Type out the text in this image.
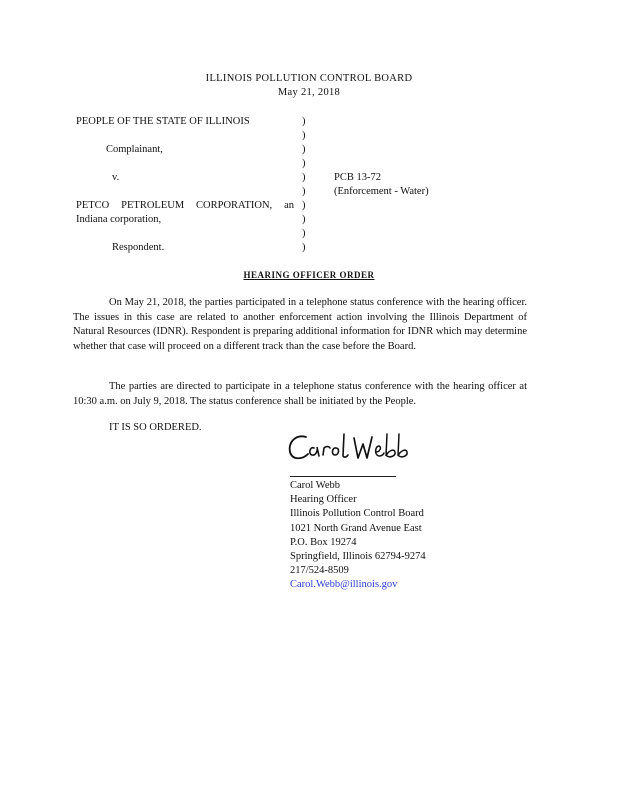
ILLINOIS POLLUTION CONTROL BOARD
May 21, 2018
PEOPLE OF THE STATE OF ILLINOIS
Complainant,
v.
PETCO PETROLEUM CORPORATION, an
Indiana corporation,
Respondent.
)
)
)
)
)
)
)
)
)
)
PCB 13-72
(Enforcement - Water)
HEARING OFFICER ORDER

On May 21, 2018, the parties participated in a telephone status conference with the hearing officer. The issues in this case are related to another enforcement action involving the Illinois Department of Natural Resources (IDNR). Respondent is preparing additional information for IDNR which may determine whether that case will proceed on a different track than the case before the Board.

The parties are directed to participate in a telephone status conference with the hearing officer at 10:30 a.m. on July 9, 2018. The status conference shall be initiated by the People.

IT IS SO ORDERED.
Carol Webb
Hearing Officer
Illinois Pollution Control Board
1021 North Grand Avenue East
P.O. Box 19274
Springfield, Illinois 62794-9274
217/524-8509
Carol.Webb@illinois.gov
